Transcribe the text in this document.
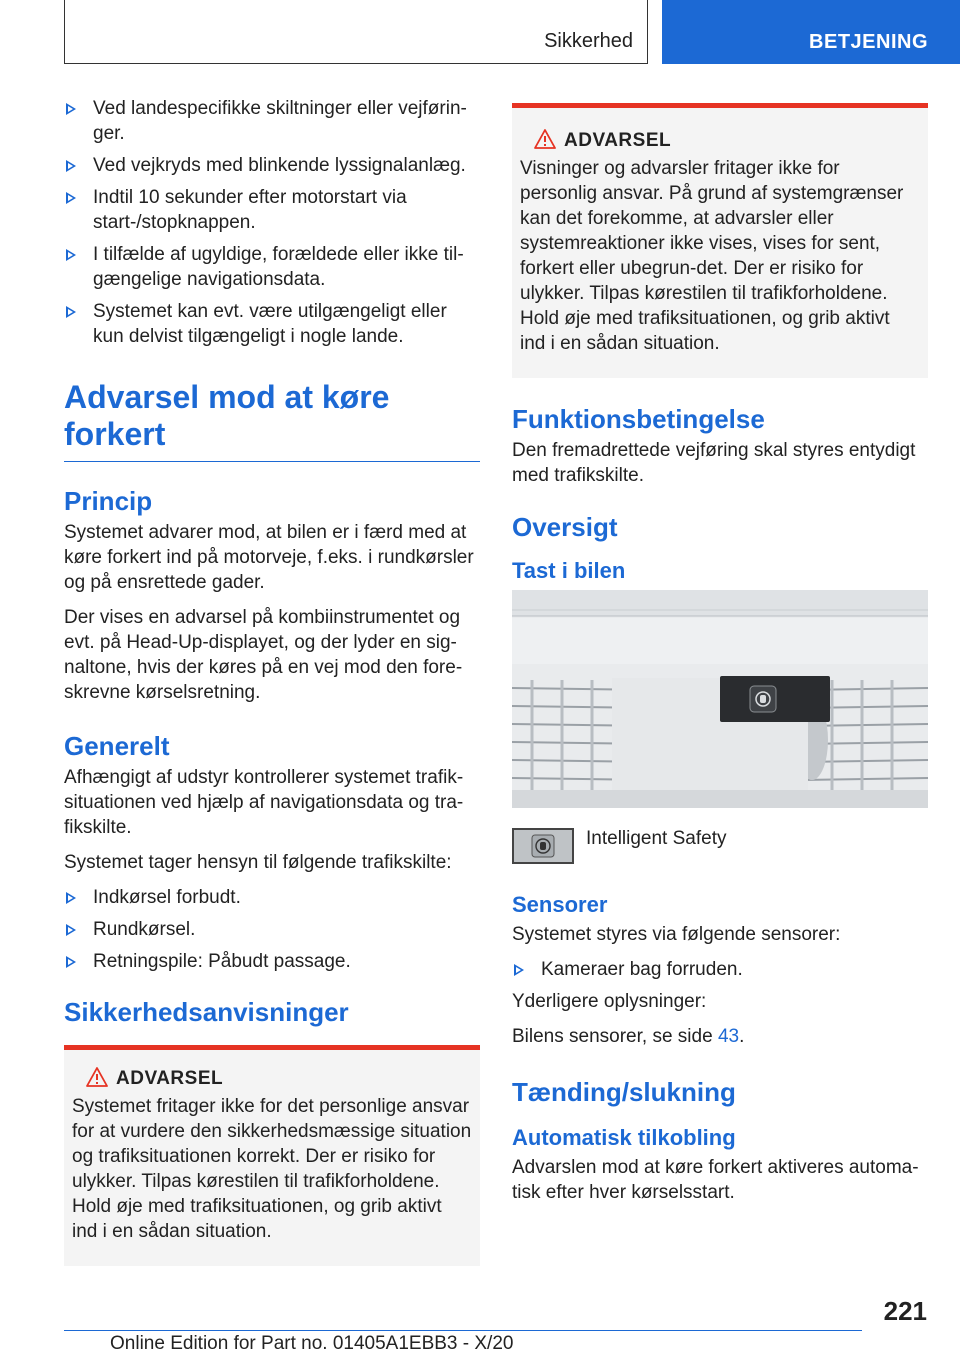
Sikkerhed	BETJENING
Ved landespecifikke skiltninger eller vejførin-ger.
Ved vejkryds med blinkende lyssignalanlæg.
Indtil 10 sekunder efter motorstart via start-/stopknappen.
I tilfælde af ugyldige, forældede eller ikke til-gængelige navigationsdata.
Systemet kan evt. være utilgængeligt eller kun delvist tilgængeligt i nogle lande.
Advarsel mod at køre forkert
Princip

Systemet advarer mod, at bilen er i færd med at køre forkert ind på motorveje, f.eks. i rundkørsler og på ensrettede gader.

Der vises en advarsel på kombiinstrumentet og evt. på Head-Up-displayet, og der lyder en sig-naltone, hvis der køres på en vej mod den fore-skrevne kørselsretning.

Generelt

Afhængigt af udstyr kontrollerer systemet trafik-situationen ved hjælp af navigationsdata og tra-fikskilte.

Systemet tager hensyn til følgende trafikskilte:

Indkørsel forbudt.
Rundkørsel.
Retningspile: Påbudt passage.
Sikkerhedsanvisninger
ADVARSEL
Systemet fritager ikke for det personlige ansvar for at vurdere den sikkerhedsmæssige situation og trafiksituationen korrekt. Der er risiko for ulykker. Tilpas kørestilen til trafikforholdene. Hold øje med trafiksituationen, og grib aktivt ind i en sådan situation.
ADVARSEL
Visninger og advarsler fritager ikke for personlig ansvar. På grund af systemgrænser kan det forekomme, at advarsler eller systemreaktioner ikke vises, vises for sent, forkert eller ubegrun-det. Der er risiko for ulykker. Tilpas kørestilen til trafikforholdene. Hold øje med trafiksituationen, og grib aktivt ind i en sådan situation.
Funktionsbetingelse

Den fremadrettede vejføring skal styres entydigt med trafikskilte.

Oversigt
Tast i bilen
Intelligent Safety
Sensorer

Systemet styres via følgende sensorer:

Kameraer bag forruden.

Yderligere oplysninger:

Bilens sensorer, se side 43.

Tænding/slukning
Automatisk tilkobling

Advarslen mod at køre forkert aktiveres automa-tisk efter hver kørselsstart.

221
Online Edition for Part no. 01405A1EBB3 - X/20
